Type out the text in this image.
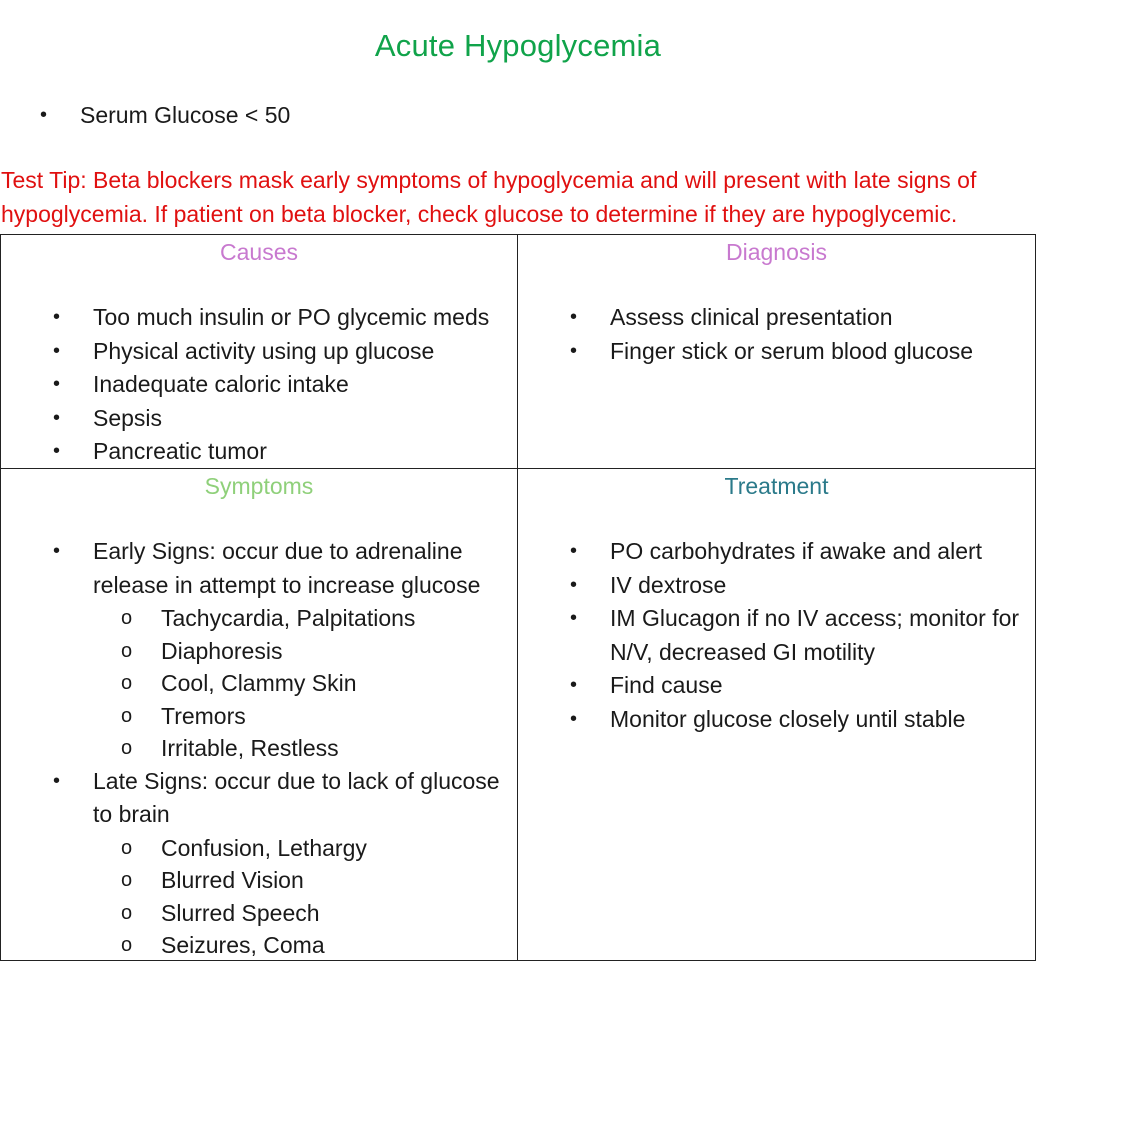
Acute Hypoglycemia
•	Serum Glucose < 50
Test Tip: Beta blockers mask early symptoms of hypoglycemia and will present with late signs of hypoglycemia. If patient on beta blocker, check glucose to determine if they are hypoglycemic.
Causes
• Too much insulin or PO glycemic meds
• Physical activity using up glucose
• Inadequate caloric intake
• Sepsis
• Pancreatic tumor
Diagnosis
• Assess clinical presentation
• Finger stick or serum blood glucose
Symptoms
• Early Signs: occur due to adrenaline release in attempt to increase glucose
o Tachycardia, Palpitations
o Diaphoresis
o Cool, Clammy Skin
o Tremors
o Irritable, Restless
• Late Signs: occur due to lack of glucose to brain
o Confusion, Lethargy
o Blurred Vision
o Slurred Speech
o Seizures, Coma
Treatment
• PO carbohydrates if awake and alert
• IV dextrose
• IM Glucagon if no IV access; monitor for N/V, decreased GI motility
• Find cause
• Monitor glucose closely until stable
